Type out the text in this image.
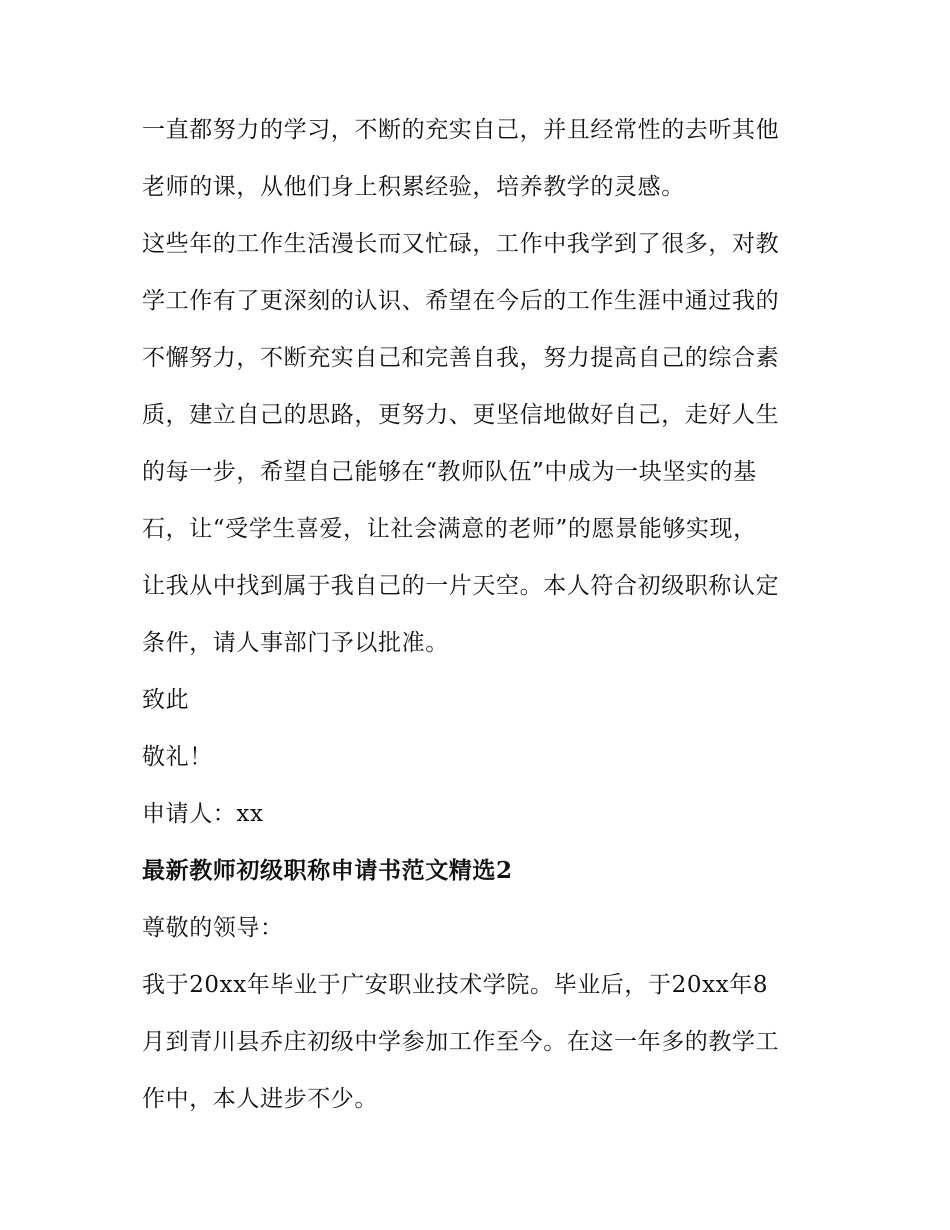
一直都努力的学习，不断的充实自己，并且经常性的去听其他
老师的课，从他们身上积累经验，培养教学的灵感。
这些年的工作生活漫长而又忙碌，工作中我学到了很多，对教
学工作有了更深刻的认识、希望在今后的工作生涯中通过我的
不懈努力，不断充实自己和完善自我，努力提高自己的综合素
质，建立自己的思路，更努力、更坚信地做好自己，走好人生
的每一步，希望自己能够在“教师队伍”中成为一块坚实的基
石，让“受学生喜爱，让社会满意的老师”的愿景能够实现，
让我从中找到属于我自己的一片天空。本人符合初级职称认定
条件，请人事部门予以批准。
致此
敬礼！
申请人：xx
最新教师初级职称申请书范文精选2
尊敬的领导：
我于20xx年毕业于广安职业技术学院。毕业后，于20xx年8
月到青川县乔庄初级中学参加工作至今。在这一年多的教学工
作中，本人进步不少。
